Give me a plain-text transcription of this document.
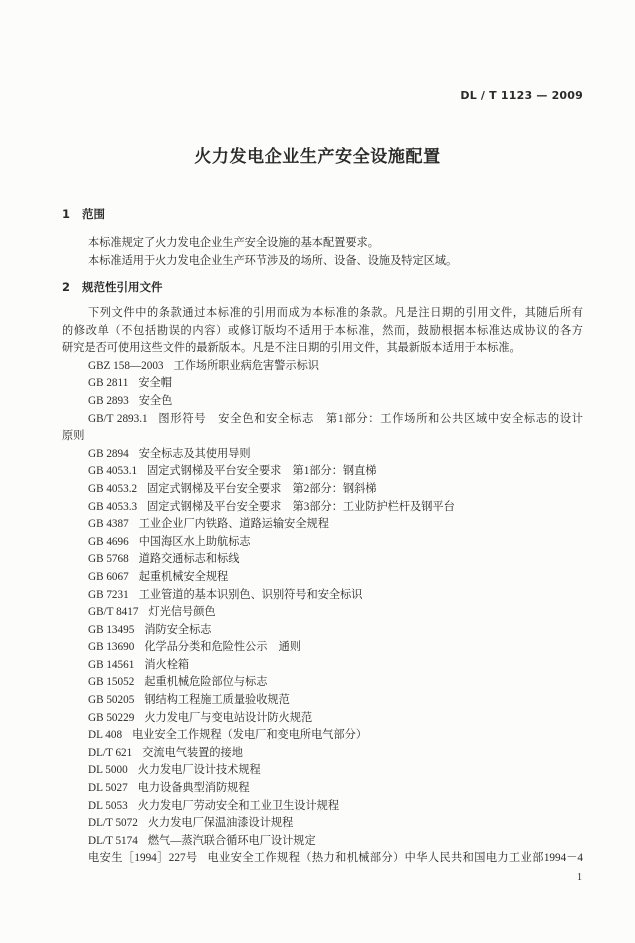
DL / T 1123 — 2009
火力发电企业生产安全设施配置
1 范围
本标准规定了火力发电企业生产安全设施的基本配置要求。
本标准适用于火力发电企业生产环节涉及的场所、设备、设施及特定区域。
2 规范性引用文件
下列文件中的条款通过本标准的引用而成为本标准的条款。凡是注日期的引用文件，其随后所有
的修改单（不包括勘误的内容）或修订版均不适用于本标准，然而，鼓励根据本标准达成协议的各方
研究是否可使用这些文件的最新版本。凡是不注日期的引用文件，其最新版本适用于本标准。
GBZ 158—2003 工作场所职业病危害警示标识
GB 2811 安全帽
GB 2893 安全色
GB/T 2893.1 图形符号　安全色和安全标志　第1部分：工作场所和公共区域中安全标志的设计
原则
GB 2894 安全标志及其使用导则
GB 4053.1 固定式钢梯及平台安全要求　第1部分：钢直梯
GB 4053.2 固定式钢梯及平台安全要求　第2部分：钢斜梯
GB 4053.3 固定式钢梯及平台安全要求　第3部分：工业防护栏杆及钢平台
GB 4387 工业企业厂内铁路、道路运输安全规程
GB 4696 中国海区水上助航标志
GB 5768 道路交通标志和标线
GB 6067 起重机械安全规程
GB 7231 工业管道的基本识别色、识别符号和安全标识
GB/T 8417 灯光信号颜色
GB 13495 消防安全标志
GB 13690 化学品分类和危险性公示　通则
GB 14561 消火栓箱
GB 15052 起重机械危险部位与标志
GB 50205 钢结构工程施工质量验收规范
GB 50229 火力发电厂与变电站设计防火规范
DL 408 电业安全工作规程（发电厂和变电所电气部分）
DL/T 621 交流电气装置的接地
DL 5000 火力发电厂设计技术规程
DL 5027 电力设备典型消防规程
DL 5053 火力发电厂劳动安全和工业卫生设计规程
DL/T 5072 火力发电厂保温油漆设计规程
DL/T 5174 燃气—蒸汽联合循环电厂设计规定
电安生［1994］227号 电业安全工作规程（热力和机械部分）中华人民共和国电力工业部1994－4
1
